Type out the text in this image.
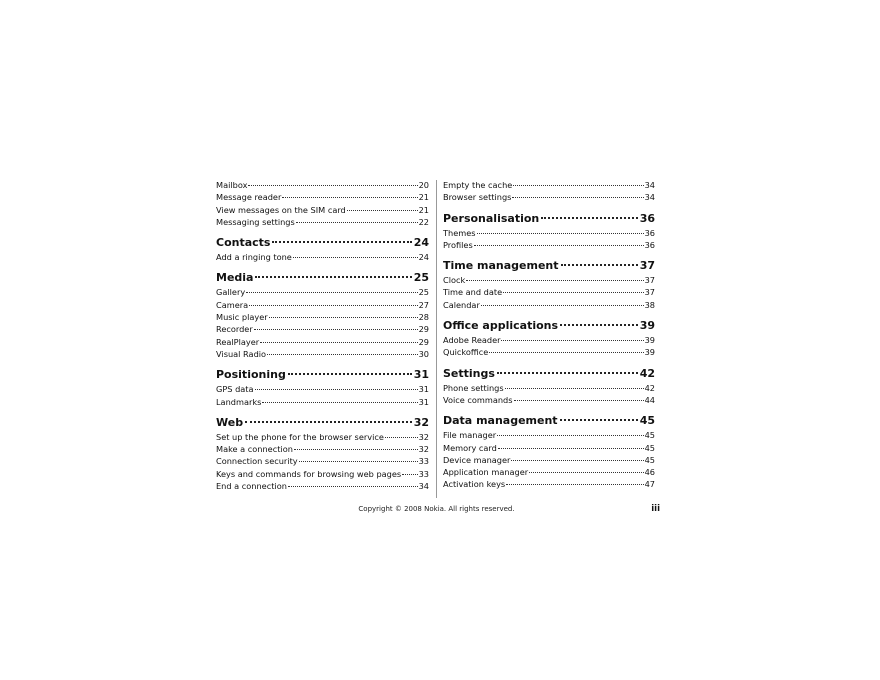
Mailbox	20
Message reader	21
View messages on the SIM card	21
Messaging settings	22
Contacts	24
Add a ringing tone	24
Media	25
Gallery	25
Camera	27
Music player	28
Recorder	29
RealPlayer	29
Visual Radio	30
Positioning	31
GPS data	31
Landmarks	31
Web	32
Set up the phone for the browser service	32
Make a connection	32
Connection security	33
Keys and commands for browsing web pages 33
End a connection	34
Empty the cache	34
Browser settings	34
Personalisation	36
Themes	36
Profiles	36
Time management	37
Clock	37
Time and date	37
Calendar	38
Office applications	39
Adobe Reader	39
Quickoffice	39
Settings	42
Phone settings	42
Voice commands	44
Data management	45
File manager	45
Memory card	45
Device manager	45
Application manager	46
Activation keys	47
Copyright © 2008 Nokia. All rights reserved.	iii
